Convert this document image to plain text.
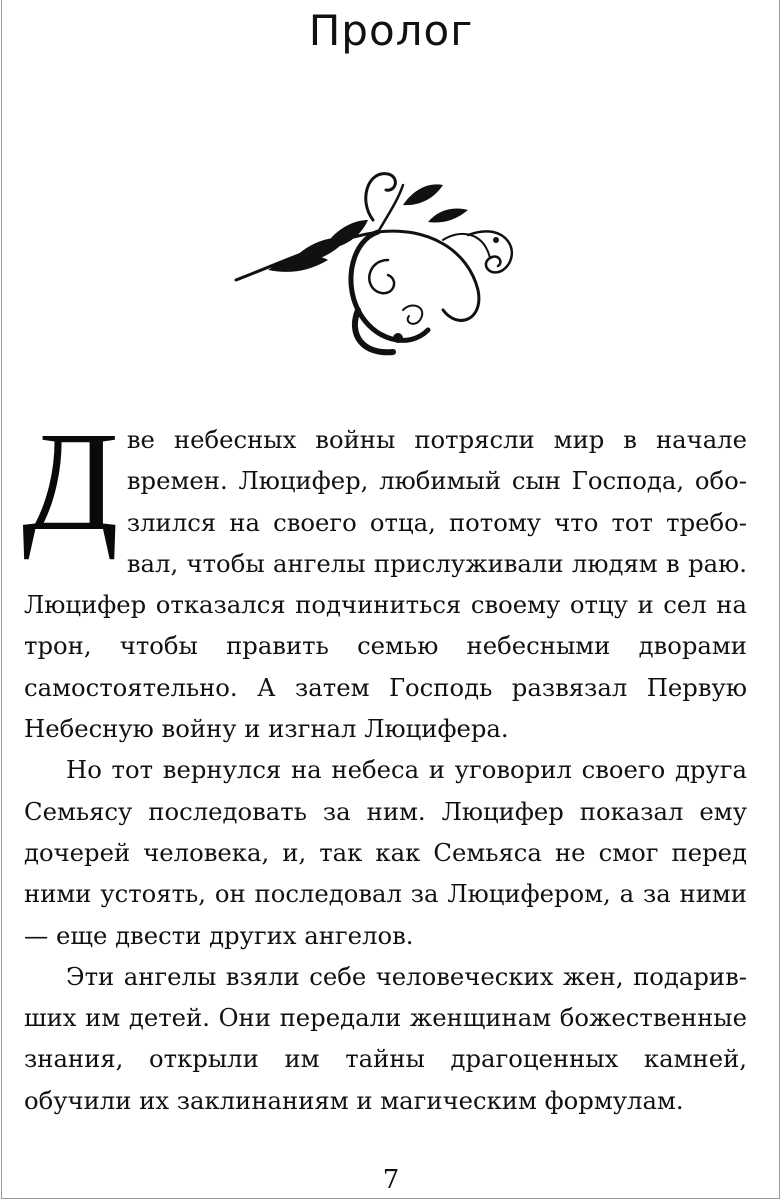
Пролог

Две небесных войны потрясли мир в начале времен. Люцифер, любимый сын Господа, обозлился на своего отца, потому что тот требовал, чтобы ангелы прислуживали людям в раю. Люцифер отказался подчиниться своему отцу и сел на трон, чтобы править семью небесными дворами самостоятельно. А затем Господь развязал Первую Небесную войну и изгнал Люцифера.

Но тот вернулся на небеса и уговорил своего друга Семьясу последовать за ним. Люцифер показал ему дочерей человека, и, так как Семьяса не смог перед ними устоять, он последовал за Люцифером, а за ними — еще двести других ангелов.

Эти ангелы взяли себе человеческих жен, подаривших им детей. Они передали женщинам божественные знания, открыли им тайны драгоценных камней, обучили их заклинаниям и магическим формулам.

7
